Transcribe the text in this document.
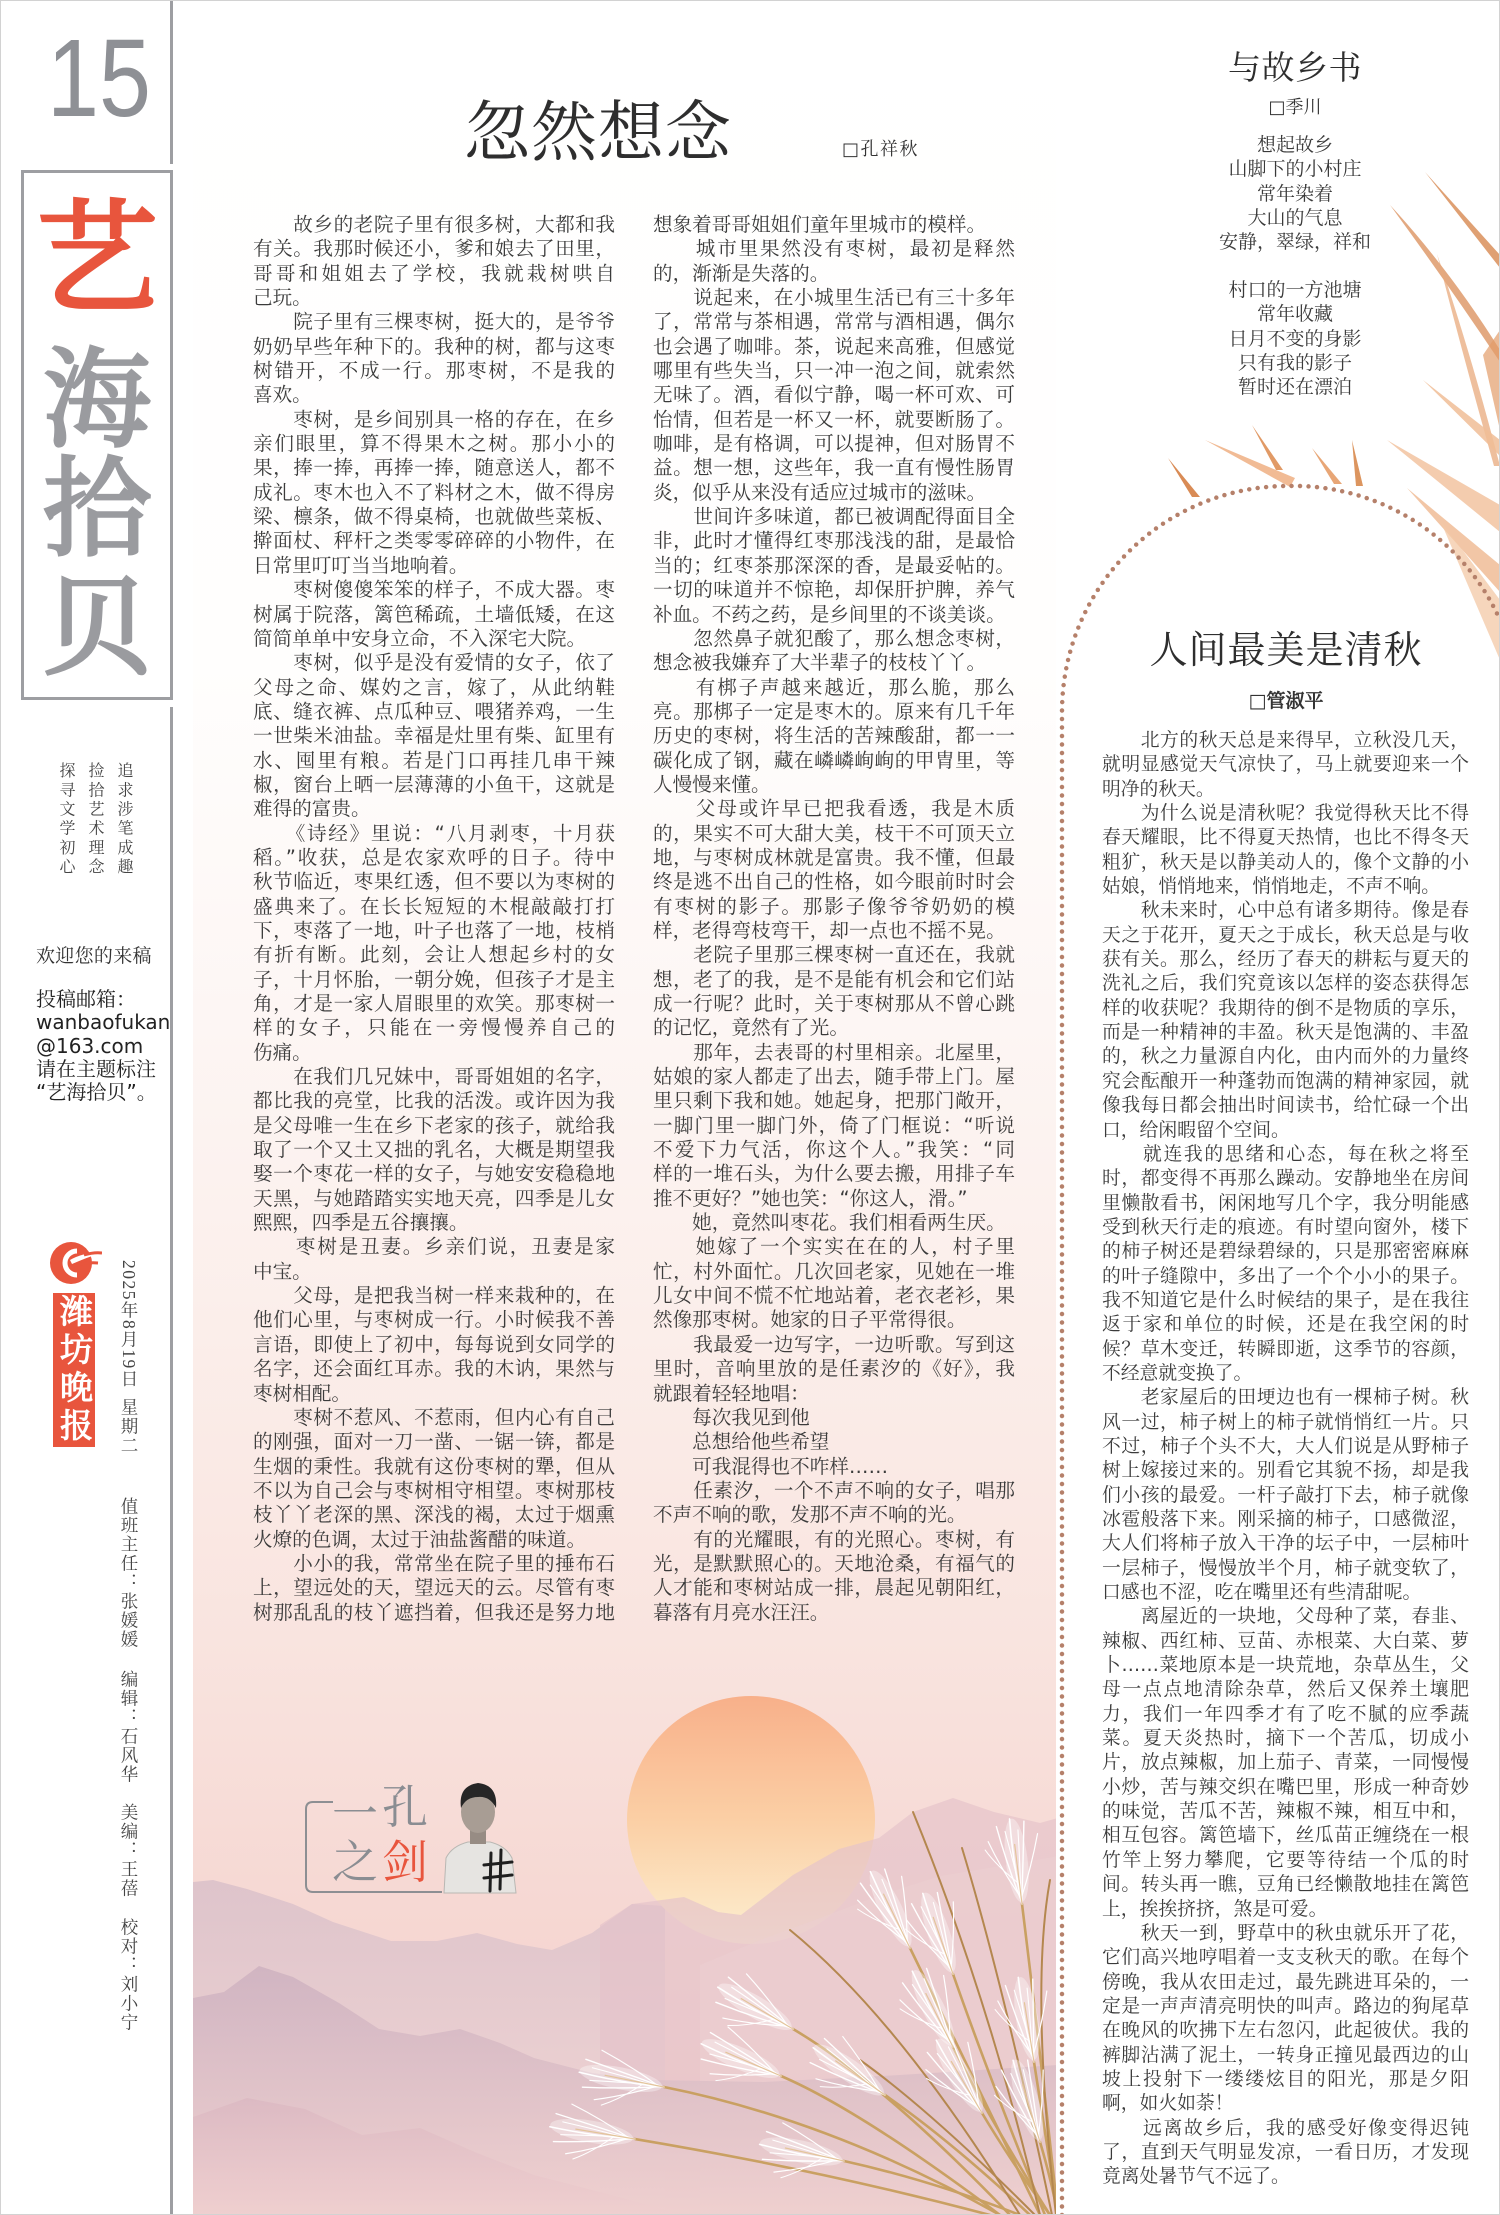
15
艺
海
拾
贝
追求涉笔成趣
捡拾艺术理念
探寻文学初心
欢迎您的来稿
投稿邮箱：
wanbaofukan
@163.com
请在主题标注
“艺海拾贝”。
潍坊晚报 2025年8月19日
星期二
值班主任：张媛媛
编辑：石风华
美编：王蓓
校对：刘小宁
忽然想念	□孔祥秋
　　故乡的老院子里有很多树，大都和我
有关。我那时候还小，爹和娘去了田里，
哥哥和姐姐去了学校，我就栽树哄自
己玩。
　　院子里有三棵枣树，挺大的，是爷爷
奶奶早些年种下的。我种的树，都与这枣
树错开，不成一行。那枣树，不是我的
喜欢。
　　枣树，是乡间别具一格的存在，在乡
亲们眼里，算不得果木之树。那小小的
果，捧一捧，再捧一捧，随意送人，都不
成礼。枣木也入不了料材之木，做不得房
梁、檩条，做不得桌椅，也就做些菜板、
擀面杖、秤杆之类零零碎碎的小物件，在
日常里叮叮当当地响着。
　　枣树傻傻笨笨的样子，不成大器。枣
树属于院落，篱笆稀疏，土墙低矮，在这
简简单单中安身立命，不入深宅大院。
　　枣树，似乎是没有爱情的女子，依了
父母之命、媒妁之言，嫁了，从此纳鞋
底、缝衣裤、点瓜种豆、喂猪养鸡，一生
一世柴米油盐。幸福是灶里有柴、缸里有
水、囤里有粮。若是门口再挂几串干辣
椒，窗台上晒一层薄薄的小鱼干，这就是
难得的富贵。
　　《诗经》里说：“八月剥枣，十月获
稻。”收获，总是农家欢呼的日子。待中
秋节临近，枣果红透，但不要以为枣树的
盛典来了。在长长短短的木棍敲敲打打
下，枣落了一地，叶子也落了一地，枝梢
有折有断。此刻，会让人想起乡村的女
子，十月怀胎，一朝分娩，但孩子才是主
角，才是一家人眉眼里的欢笑。那枣树一
样的女子，只能在一旁慢慢养自己的
伤痛。
　　在我们几兄妹中，哥哥姐姐的名字，
都比我的亮堂，比我的活泼。或许因为我
是父母唯一生在乡下老家的孩子，就给我
取了一个又土又拙的乳名，大概是期望我
娶一个枣花一样的女子，与她安安稳稳地
天黑，与她踏踏实实地天亮，四季是儿女
熙熙，四季是五谷攘攘。
　　枣树是丑妻。乡亲们说，丑妻是家
中宝。
　　父母，是把我当树一样来栽种的，在
他们心里，与枣树成一行。小时候我不善
言语，即使上了初中，每每说到女同学的
名字，还会面红耳赤。我的木讷，果然与
枣树相配。
　　枣树不惹风、不惹雨，但内心有自己
的刚强，面对一刀一凿、一锯一锛，都是
生烟的秉性。我就有这份枣树的犟，但从
不以为自己会与枣树相守相望。枣树那枝
枝丫丫老深的黑、深浅的褐，太过于烟熏
火燎的色调，太过于油盐酱醋的味道。
　　小小的我，常常坐在院子里的捶布石
上，望远处的天，望远天的云。尽管有枣
树那乱乱的枝丫遮挡着，但我还是努力地
想象着哥哥姐姐们童年里城市的模样。
　　城市里果然没有枣树，最初是释然
的，渐渐是失落的。
　　说起来，在小城里生活已有三十多年
了，常常与茶相遇，常常与酒相遇，偶尔
也会遇了咖啡。茶，说起来高雅，但感觉
哪里有些失当，只一冲一泡之间，就索然
无味了。酒，看似宁静，喝一杯可欢、可
怡情，但若是一杯又一杯，就要断肠了。
咖啡，是有格调，可以提神，但对肠胃不
益。想一想，这些年，我一直有慢性肠胃
炎，似乎从来没有适应过城市的滋味。
　　世间许多味道，都已被调配得面目全
非，此时才懂得红枣那浅浅的甜，是最恰
当的；红枣茶那深深的香，是最妥帖的。
一切的味道并不惊艳，却保肝护脾，养气
补血。不药之药，是乡间里的不谈美谈。
　　忽然鼻子就犯酸了，那么想念枣树，
想念被我嫌弃了大半辈子的枝枝丫丫。
　　有梆子声越来越近，那么脆，那么
亮。那梆子一定是枣木的。原来有几千年
历史的枣树，将生活的苦辣酸甜，都一一
碳化成了钢，藏在嶙嶙峋峋的甲胄里，等
人慢慢来懂。
　　父母或许早已把我看透，我是木质
的，果实不可大甜大美，枝干不可顶天立
地，与枣树成林就是富贵。我不懂，但最
终是逃不出自己的性格，如今眼前时时会
有枣树的影子。那影子像爷爷奶奶的模
样，老得弯枝弯干，却一点也不摇不晃。
　　老院子里那三棵枣树一直还在，我就
想，老了的我，是不是能有机会和它们站
成一行呢？此时，关于枣树那从不曾心跳
的记忆，竟然有了光。
　　那年，去表哥的村里相亲。北屋里，
姑娘的家人都走了出去，随手带上门。屋
里只剩下我和她。她起身，把那门敞开，
一脚门里一脚门外，倚了门框说：“听说
不爱下力气活，你这个人。”我笑：“同
样的一堆石头，为什么要去搬，用排子车
推不更好？”她也笑：“你这人，滑。”
　　她，竟然叫枣花。我们相看两生厌。
　　她嫁了一个实实在在的人，村子里
忙，村外面忙。几次回老家，见她在一堆
儿女中间不慌不忙地站着，老衣老衫，果
然像那枣树。她家的日子平常得很。
　　我最爱一边写字，一边听歌。写到这
里时，音响里放的是任素汐的《好》，我
就跟着轻轻地唱：
　　每次我见到他
　　总想给他些希望
　　可我混得也不咋样……
　　任素汐，一个不声不响的女子，唱那
不声不响的歌，发那不声不响的光。
　　有的光耀眼，有的光照心。枣树，有
光，是默默照心的。天地沧桑，有福气的
人才能和枣树站成一排，晨起见朝阳红，
暮落有月亮水汪汪。
一 孔
之 剑
与故乡书
□季川
想起故乡
山脚下的小村庄
常年染着
大山的气息
安静，翠绿，祥和
村口的一方池塘
常年收藏
日月不变的身影
只有我的影子
暂时还在漂泊
人间最美是清秋
□管淑平
　　北方的秋天总是来得早，立秋没几天，
就明显感觉天气凉快了，马上就要迎来一个
明净的秋天。
　　为什么说是清秋呢？我觉得秋天比不得
春天耀眼，比不得夏天热情，也比不得冬天
粗犷，秋天是以静美动人的，像个文静的小
姑娘，悄悄地来，悄悄地走，不声不响。
　　秋未来时，心中总有诸多期待。像是春
天之于花开，夏天之于成长，秋天总是与收
获有关。那么，经历了春天的耕耘与夏天的
洗礼之后，我们究竟该以怎样的姿态获得怎
样的收获呢？我期待的倒不是物质的享乐，
而是一种精神的丰盈。秋天是饱满的、丰盈
的，秋之力量源自内化，由内而外的力量终
究会酝酿开一种蓬勃而饱满的精神家园，就
像我每日都会抽出时间读书，给忙碌一个出
口，给闲暇留个空间。
　　就连我的思绪和心态，每在秋之将至
时，都变得不再那么躁动。安静地坐在房间
里懒散看书，闲闲地写几个字，我分明能感
受到秋天行走的痕迹。有时望向窗外，楼下
的柿子树还是碧绿碧绿的，只是那密密麻麻
的叶子缝隙中，多出了一个个小小的果子。
我不知道它是什么时候结的果子，是在我往
返于家和单位的时候，还是在我空闲的时
候？草木变迁，转瞬即逝，这季节的容颜，
不经意就变换了。
　　老家屋后的田埂边也有一棵柿子树。秋
风一过，柿子树上的柿子就悄悄红一片。只
不过，柿子个头不大，大人们说是从野柿子
树上嫁接过来的。别看它其貌不扬，却是我
们小孩的最爱。一杆子敲打下去，柿子就像
冰雹般落下来。刚采摘的柿子，口感微涩，
大人们将柿子放入干净的坛子中，一层柿叶
一层柿子，慢慢放半个月，柿子就变软了，
口感也不涩，吃在嘴里还有些清甜呢。
　　离屋近的一块地，父母种了菜，春韭、
辣椒、西红柿、豆苗、赤根菜、大白菜、萝
卜……菜地原本是一块荒地，杂草丛生，父
母一点点地清除杂草，然后又保养土壤肥
力，我们一年四季才有了吃不腻的应季蔬
菜。夏天炎热时，摘下一个苦瓜，切成小
片，放点辣椒，加上茄子、青菜，一同慢慢
小炒，苦与辣交织在嘴巴里，形成一种奇妙
的味觉，苦瓜不苦，辣椒不辣，相互中和，
相互包容。篱笆墙下，丝瓜苗正缠绕在一根
竹竿上努力攀爬，它要等待结一个瓜的时
间。转头再一瞧，豆角已经懒散地挂在篱笆
上，挨挨挤挤，煞是可爱。
　　秋天一到，野草中的秋虫就乐开了花，
它们高兴地哼唱着一支支秋天的歌。在每个
傍晚，我从农田走过，最先跳进耳朵的，一
定是一声声清亮明快的叫声。路边的狗尾草
在晚风的吹拂下左右忽闪，此起彼伏。我的
裤脚沾满了泥土，一转身正撞见最西边的山
坡上投射下一缕缕炫目的阳光，那是夕阳
啊，如火如荼！
　　远离故乡后，我的感受好像变得迟钝
了，直到天气明显发凉，一看日历，才发现
竟离处暑节气不远了。
